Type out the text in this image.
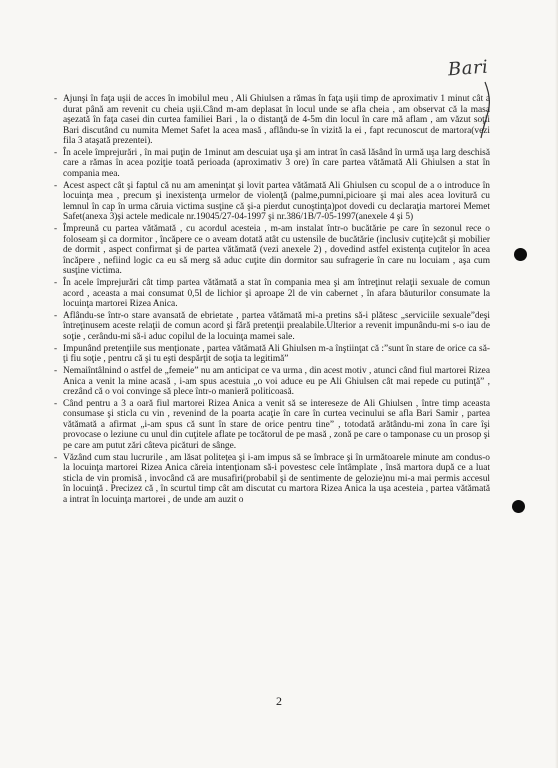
Bari

- Ajunşi în faţa uşii de acces în imobilul meu , Ali Ghiulsen a rămas în faţa uşii timp de aproximativ 1 minut cât a durat până am revenit cu cheia uşii.Când m-am deplasat în locul unde se afla cheia , am observat că la masa aşezată în faţa casei din curtea familiei Bari , la o distanţă de 4-5m din locul în care mă aflam , am văzut soţii Bari discutând cu numita Memet Safet la acea masă , aflându-se în vizită la ei , fapt recunoscut de martora(vezi fila 3 ataşată prezentei).

- În acele împrejurări , în mai puţin de 1minut am descuiat uşa şi am intrat în casă lăsând în urmă uşa larg deschisă care a rămas în acea poziţie toată perioada (aproximativ 3 ore) în care partea vătămată Ali Ghiulsen a stat în compania mea.

- Acest aspect cât şi faptul că nu am ameninţat şi lovit partea vătămată Ali Ghiulsen cu scopul de a o introduce în locuinţa mea , precum şi inexistenţa urmelor de violenţă (palme,pumni,picioare şi mai ales acea lovitură cu lemnul în cap în urma căruia victima susţine că şi-a pierdut cunoştinţa)pot dovedi cu declaraţia martorei Memet Safet(anexa 3)şi actele medicale nr.19045/27-04-1997 şi nr.386/1B/7-05-1997(anexele 4 şi 5)

- Împreună cu partea vătămată , cu acordul acesteia , m-am instalat într-o bucătărie pe care în sezonul rece o foloseam şi ca dormitor , încăpere ce o aveam dotată atât cu ustensile de bucătărie (inclusiv cuţite)cât şi mobilier de dormit , aspect confirmat şi de partea vătămată (vezi anexele 2) , dovedind astfel existenţa cuţitelor în acea încăpere , nefiind logic ca eu să merg să aduc cuţite din dormitor sau sufragerie în care nu locuiam , aşa cum susţine victima.

- În acele împrejurări cât timp partea vătămată a stat în compania mea şi am întreţinut relaţii sexuale de comun acord , aceasta a mai consumat 0,5l de lichior şi aproape 2l de vin cabernet , în afara băuturilor consumate la locuinţa martorei Rizea Anica.

- Aflându-se într-o stare avansată de ebrietate , partea vătămată mi-a pretins să-i plătesc „serviciile sexuale”deşi întreţinusem aceste relaţii de comun acord şi fără pretenţii prealabile.Ulterior a revenit impunându-mi s-o iau de soţie , cerându-mi să-i aduc copilul de la locuinţa mamei sale.

- Impunând pretenţiile sus menţionate , partea vătămată Ali Ghiulsen m-a înştiinţat că :”sunt în stare de orice ca să-ţi fiu soţie , pentru că şi tu eşti despărţit de soţia ta legitimă”

- Nemaiîntâlnind o astfel de „femeie” nu am anticipat ce va urma , din acest motiv , atunci când fiul martorei Rizea Anica a venit la mine acasă , i-am spus acestuia „o voi aduce eu pe Ali Ghiulsen cât mai repede cu putinţă” , crezând că o voi convinge să plece într-o manieră politicoasă.

- Când pentru a 3 a oară fiul martorei Rizea Anica a venit să se intereseze de Ali Ghiulsen , între timp aceasta consumase şi sticla cu vin , revenind de la poarta acaţie în care în curtea vecinului se afla Bari Samir , partea vătămată a afirmat „i-am spus că sunt în stare de orice pentru tine” , totodată arătându-mi zona în care îşi provocase o leziune cu unul din cuţitele aflate pe tocătorul de pe masă , zonă pe care o tamponase cu un prosop şi pe care am putut zări câteva picături de sânge.

- Văzând cum stau lucrurile , am lăsat politeţea şi i-am impus să se îmbrace şi în următoarele minute am condus-o la locuinţa martorei Rizea Anica căreia intenţionam să-i povestesc cele întâmplate , însă martora după ce a luat sticla de vin promisă , invocând că are musafiri(probabil şi de sentimente de gelozie)nu mi-a mai permis accesul în locuinţă . Precizez că , în scurtul timp cât am discutat cu martora Rizea Anica la uşa acesteia , partea vătămată a intrat în locuinţa martorei , de unde am auzit o

2
